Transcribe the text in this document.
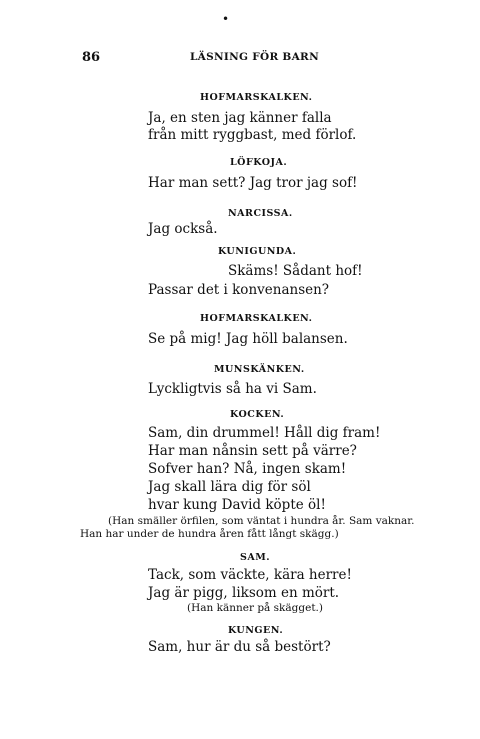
•
86	LÄSNING FÖR BARN
HOFMARSKALKEN.
Ja, en sten jag känner falla
från mitt ryggbast, med förlof.
LÖFKOJA.
Har man sett? Jag tror jag sof!
NARCISSA.
Jag också.
KUNIGUNDA.
Skäms! Sådant hof!
Passar det i konvenansen?
HOFMARSKALKEN.
Se på mig! Jag höll balansen.
MUNSKÄNKEN.
Lyckligtvis så ha vi Sam.
KOCKEN.
Sam, din drummel! Håll dig fram!
Har man nånsin sett på värre?
Sofver han? Nå, ingen skam!
Jag skall lära dig för söl
hvar kung David köpte öl!
(Han smäller örfilen, som väntat i hundra år. Sam vaknar.
Han har under de hundra åren fått långt skägg.)
SAM.
Tack, som väckte, kära herre!
Jag är pigg, liksom en mört.
(Han känner på skägget.)
KUNGEN.
Sam, hur är du så bestört?
